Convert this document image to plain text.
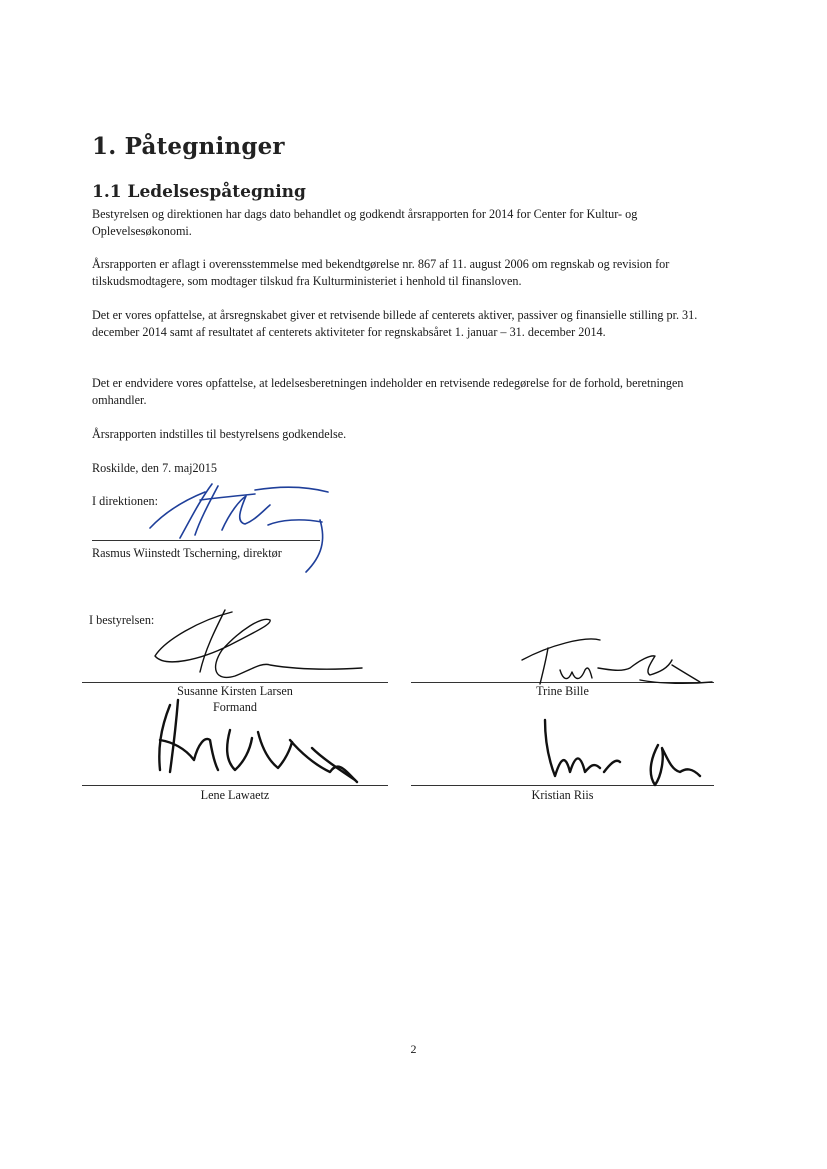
1. Påtegninger
1.1 Ledelsespåtegning
Bestyrelsen og direktionen har dags dato behandlet og godkendt årsrapporten for 2014 for Center for Kultur- og Oplevelsesøkonomi.
Årsrapporten er aflagt i overensstemmelse med bekendtgørelse nr. 867 af 11. august 2006 om regnskab og revision for tilskudsmodtagere, som modtager tilskud fra Kulturministeriet i henhold til finansloven.
Det er vores opfattelse, at årsregnskabet giver et retvisende billede af centerets aktiver, passiver og finansielle stilling pr. 31. december 2014 samt af resultatet af centerets aktiviteter for regnskabsåret 1. januar – 31. december 2014.
Det er endvidere vores opfattelse, at ledelsesberetningen indeholder en retvisende redegørelse for de forhold, beretningen omhandler.
Årsrapporten indstilles til bestyrelsens godkendelse.
Roskilde, den 7. maj2015
I direktionen:
Rasmus Wiinstedt Tscherning, direktør
I bestyrelsen:
Susanne Kirsten Larsen
Formand
Trine Bille
Lene Lawaetz	Kristian Riis
2
